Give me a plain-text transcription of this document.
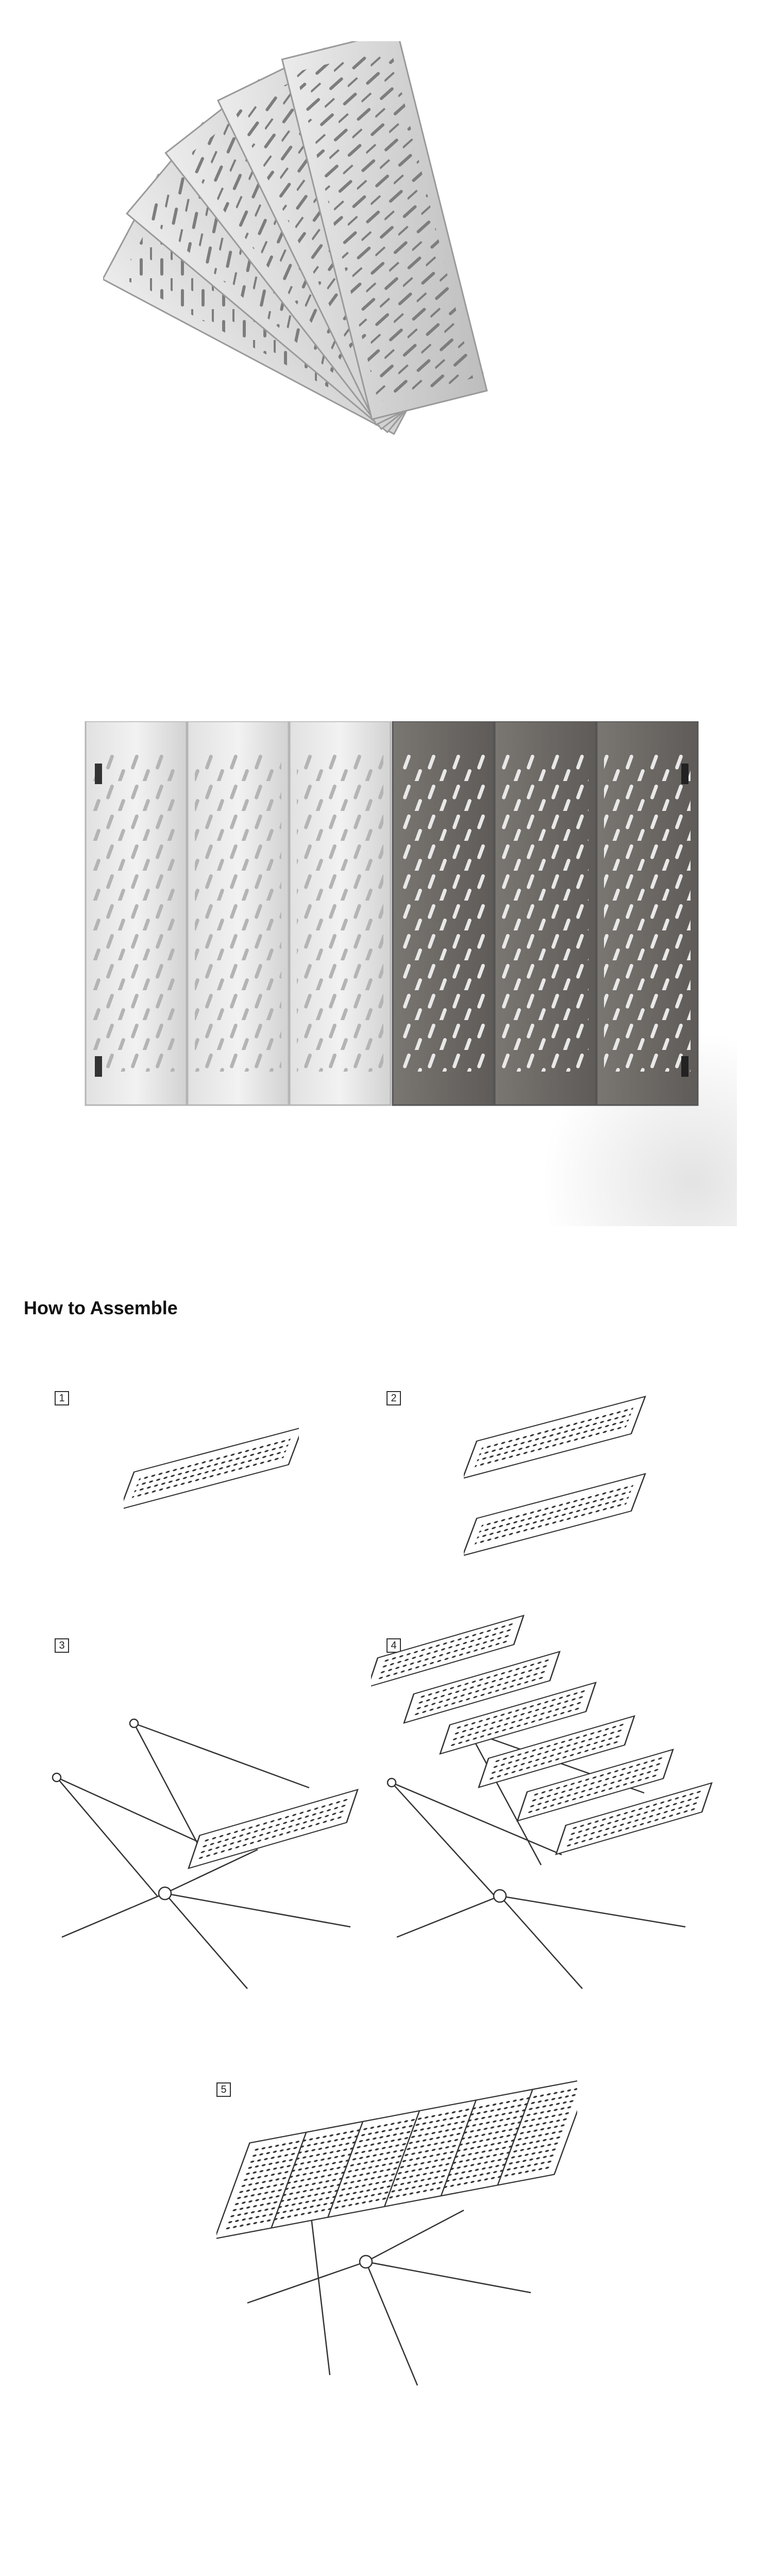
How to Assemble
1	2
3	4
5
